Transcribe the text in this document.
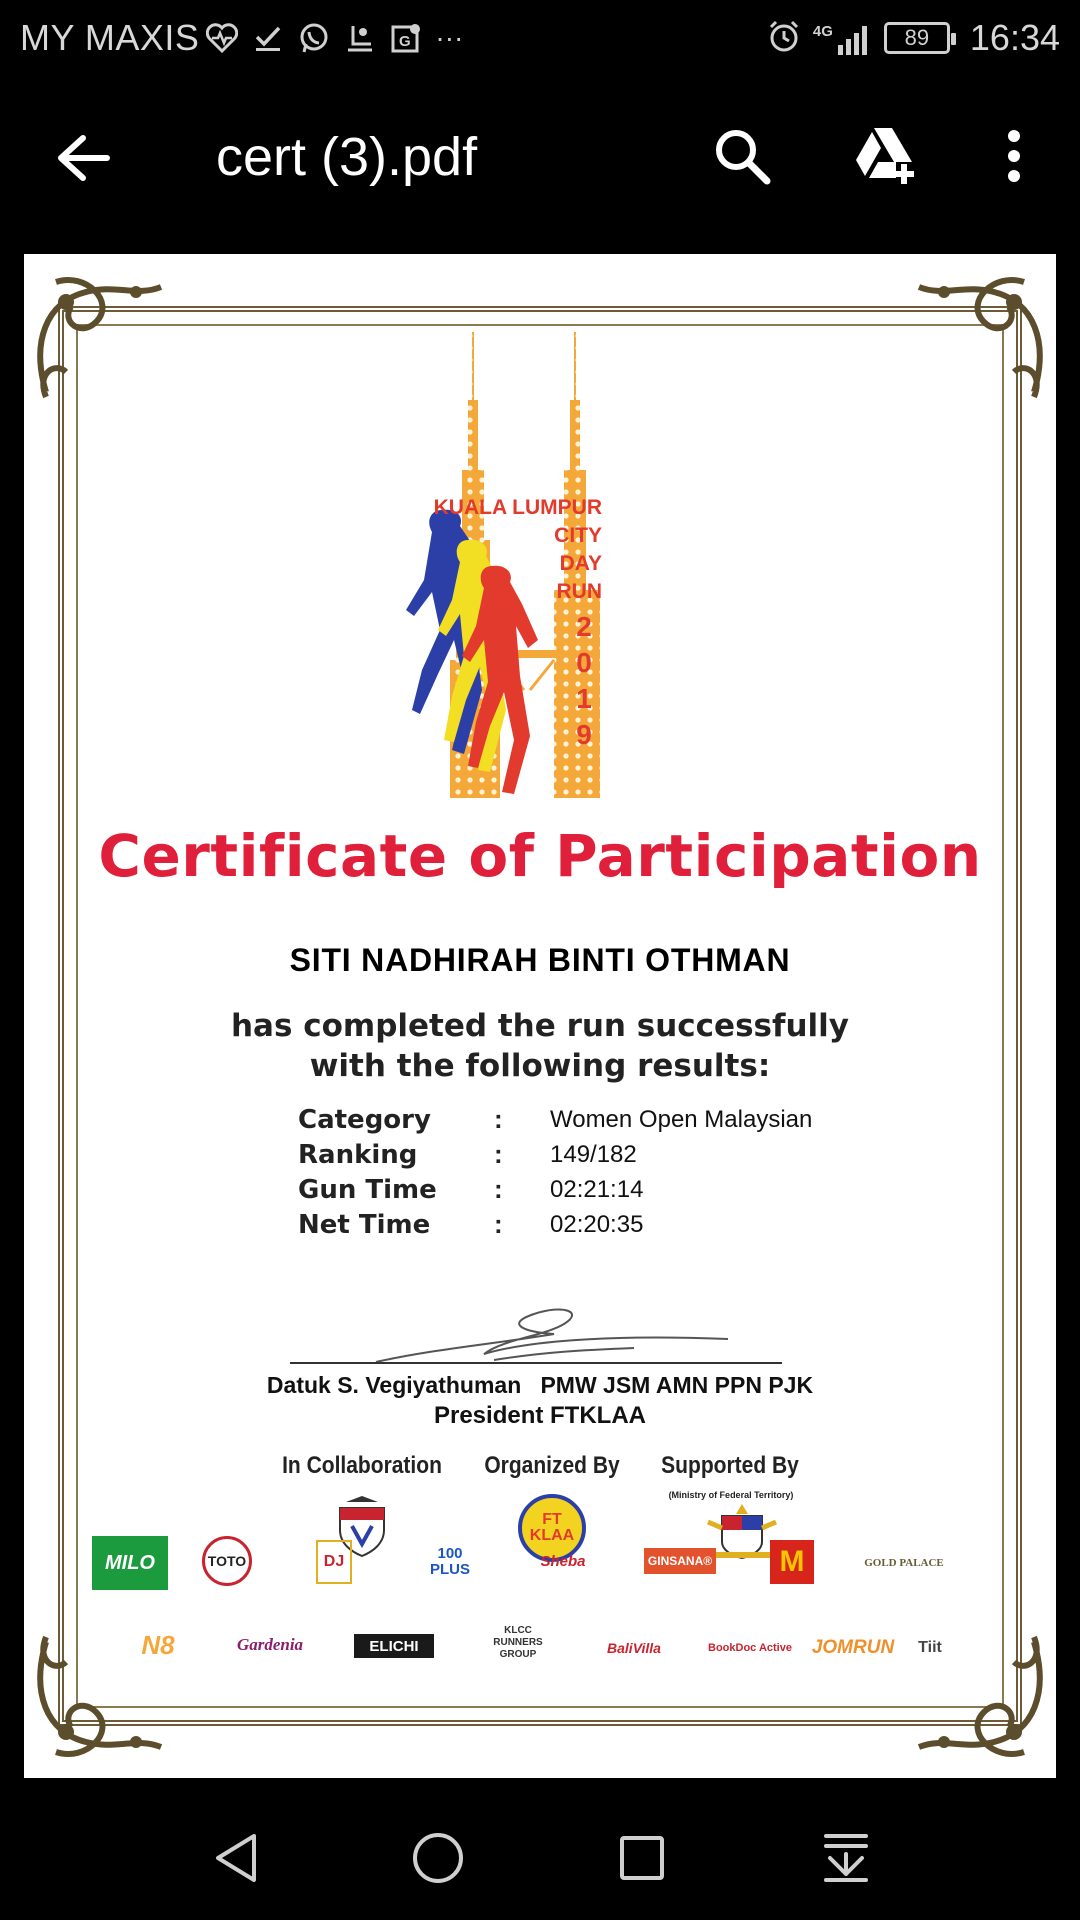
MY MAXIS	G ···	4G	89 16:34
cert (3).pdf
KUALA LUMPUR
CITY
DAY
RUN
2
0
1
9
Certificate of Participation
SITI NADHIRAH BINTI OTHMAN
has completed the run successfully
with the following results:
Category	:	Women Open Malaysian
Ranking	:	149/182
Gun Time	:	02:21:14
Net Time	:	02:20:35
Datuk S. Vegiyathuman   PMW JSM AMN PPN PJK
President FTKLAA
In Collaboration	Organized By	Supported By
(Ministry of Federal Territory)
FT
KLAA
MILO	TOTO	DJ	100 PLUS	Sheba	GINSANA®	M	GOLD PALACE
N8	Gardenia	ELICHI
KLCC RUNNERS GROUP	BaliVilla	BookDoc Active	JOMRUN	Tiit
